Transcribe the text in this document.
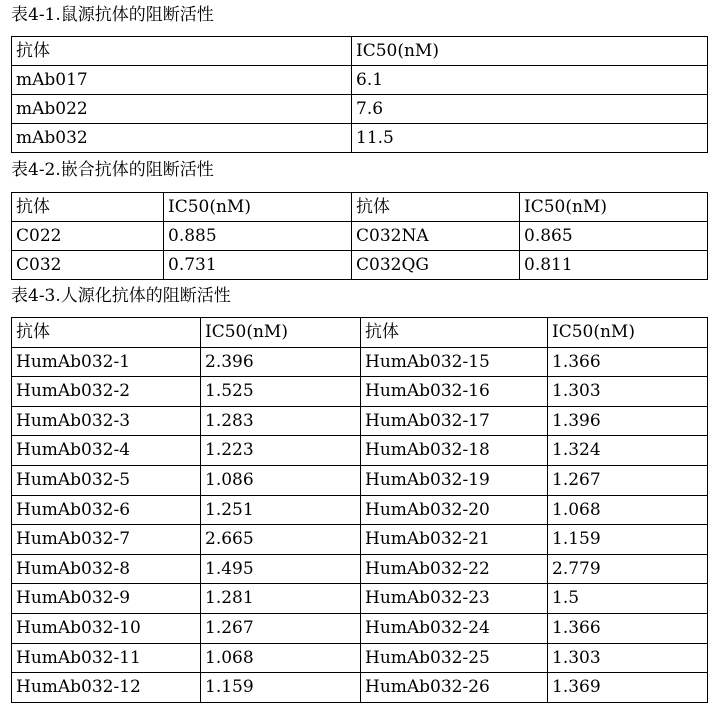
表4-1.鼠源抗体的阻断活性
抗体	IC50(nM)
mAb017	6.1
mAb022	7.6
mAb032	11.5
表4-2.嵌合抗体的阻断活性
抗体	IC50(nM)	抗体	IC50(nM)
C022	0.885	C032NA	0.865
C032	0.731	C032QG	0.811
表4-3.人源化抗体的阻断活性
抗体	IC50(nM)	抗体	IC50(nM)
HumAb032-1	2.396	HumAb032-15	1.366
HumAb032-2	1.525	HumAb032-16	1.303
HumAb032-3	1.283	HumAb032-17	1.396
HumAb032-4	1.223	HumAb032-18	1.324
HumAb032-5	1.086	HumAb032-19	1.267
HumAb032-6	1.251	HumAb032-20	1.068
HumAb032-7	2.665	HumAb032-21	1.159
HumAb032-8	1.495	HumAb032-22	2.779
HumAb032-9	1.281	HumAb032-23	1.5
HumAb032-10	1.267	HumAb032-24	1.366
HumAb032-11	1.068	HumAb032-25	1.303
HumAb032-12	1.159	HumAb032-26	1.369
